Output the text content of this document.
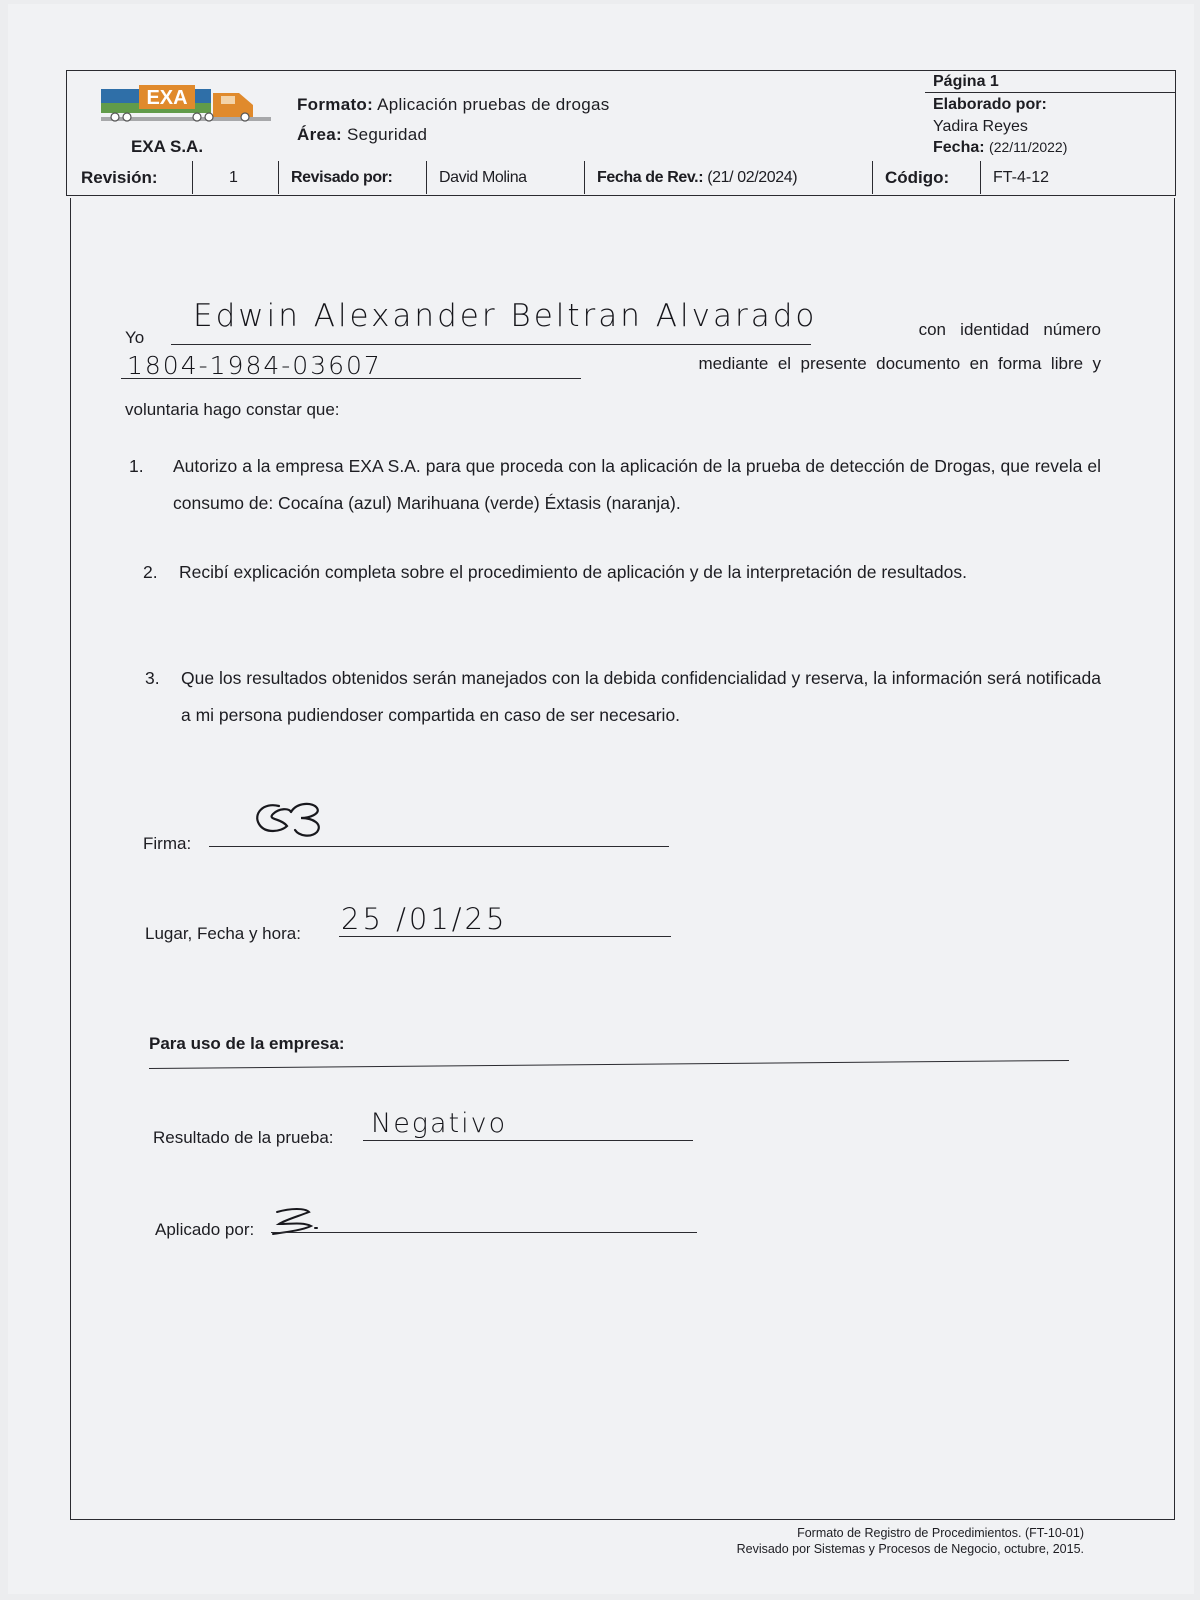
EXA
EXA S.A.
Formato: Aplicación pruebas de drogas
Área: Seguridad
Página 1
Elaborado por:
Yadira Reyes
Fecha: (22/11/2022)
Revisión:	1	Revisado por:	David Molina	Fecha de Rev.: (21/ 02/2024)	Código:	FT-4-12
Yo
Edwin Alexander Beltran Alvarado	con   identidad   número
1804-1984-03607	mediante  el  presente  documento  en  forma  libre  y
voluntaria hago constar que:
1. Autorizo a la empresa EXA S.A. para que proceda con la aplicación de la prueba de detección de Drogas, que revela el consumo de: Cocaína (azul) Marihuana (verde) Éxtasis (naranja).
2. Recibí explicación completa sobre el procedimiento de aplicación y de la interpretación de resultados.
3. Que los resultados obtenidos serán manejados con la debida confidencialidad y reserva, la información será notificada a mi persona pudiendoser compartida en caso de ser necesario.
Firma:
Lugar, Fecha y hora: 25 /01/25
Para uso de la empresa:
Resultado de la prueba: Negativo
Aplicado por:
Formato de Registro de Procedimientos. (FT-10-01)
Revisado por Sistemas y Procesos de Negocio, octubre, 2015.
